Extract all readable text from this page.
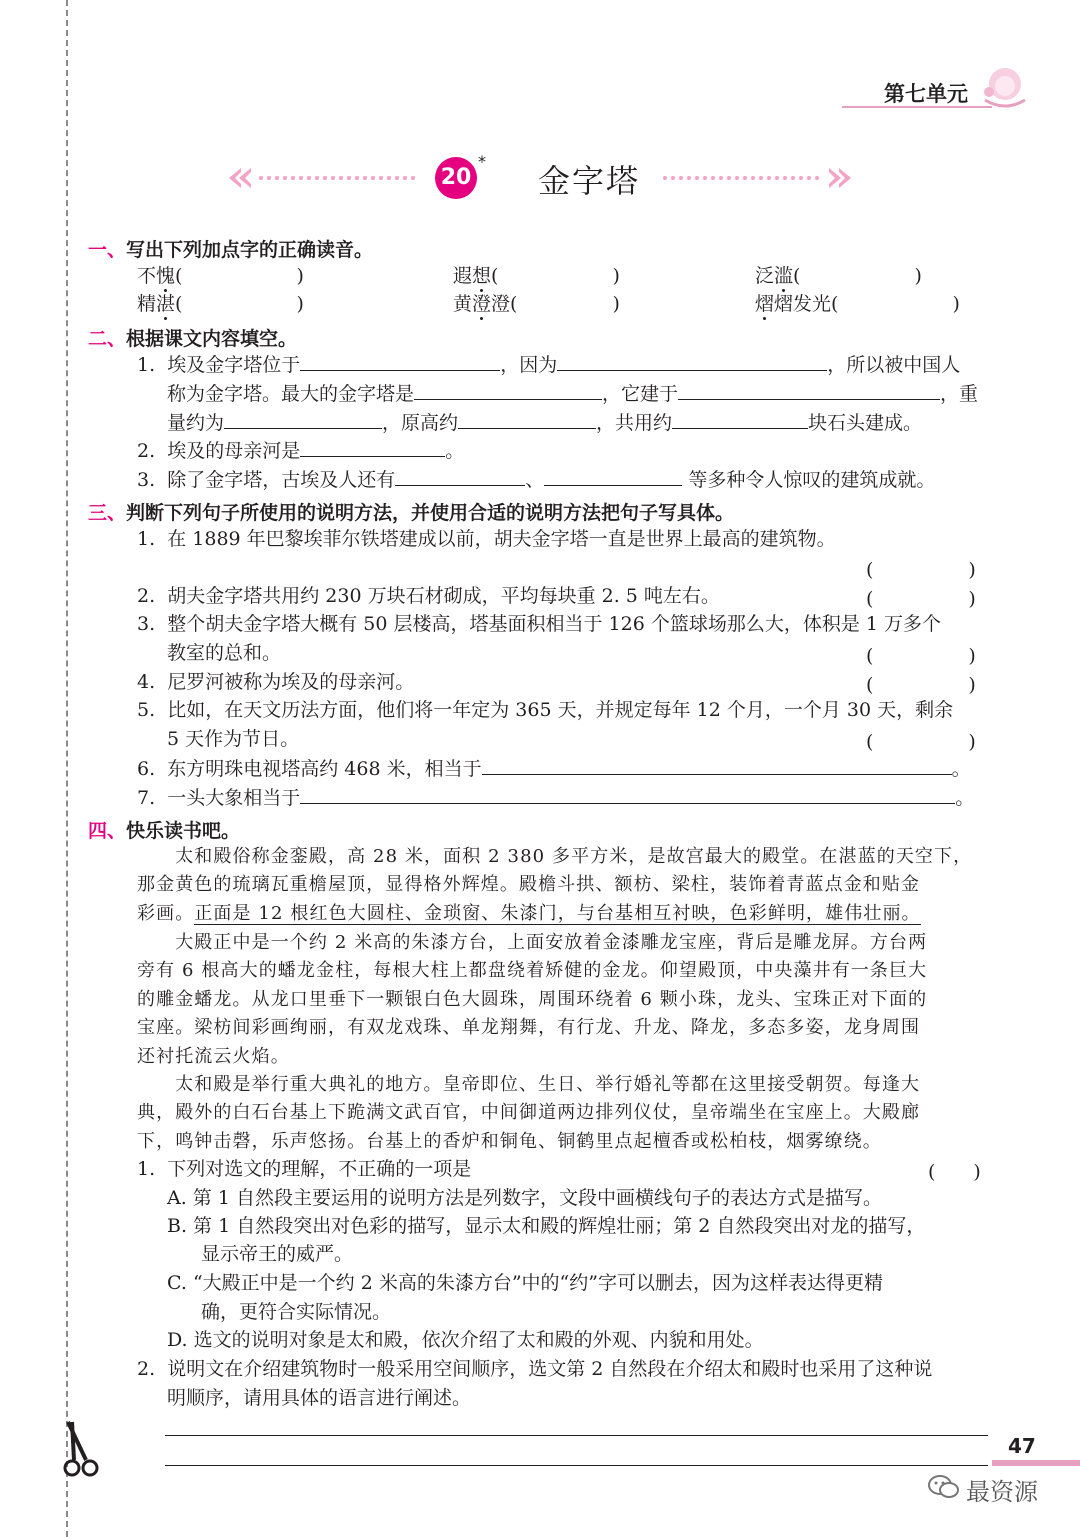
第七单元
20
*
金字塔
一、写出下列加点字的正确读音。
不愧(　　　　　　)	遐想(　　　　　　)	泛滥(　　　　　　)
精湛(　　　　　　)	黄澄澄(　　　　　)	熠熠发光(　　　　　　)
二、根据课文内容填空。
1. 埃及金字塔位于	，因为	，所以被中国人
称为金字塔。最大的金字塔是	，它建于	，重
量约为	，原高约	，共用约	块石头建成。
2. 埃及的母亲河是	。
3. 除了金字塔，古埃及人还有	、	等多种令人惊叹的建筑成就。
三、判断下列句子所使用的说明方法，并使用合适的说明方法把句子写具体。
1. 在 1889 年巴黎埃菲尔铁塔建成以前，胡夫金字塔一直是世界上最高的建筑物。
(　　　　　)
2. 胡夫金字塔共用约 230 万块石材砌成，平均每块重 2. 5 吨左右。	(　　　　　)
3. 整个胡夫金字塔大概有 50 层楼高，塔基面积相当于 126 个篮球场那么大，体积是 1 万多个
教室的总和。	(　　　　　)
4. 尼罗河被称为埃及的母亲河。	(　　　　　)
5. 比如，在天文历法方面，他们将一年定为 365 天，并规定每年 12 个月，一个月 30 天，剩余
5 天作为节日。	(　　　　　)
6. 东方明珠电视塔高约 468 米，相当于	。
7. 一头大象相当于	。
四、快乐读书吧。
　　太和殿俗称金銮殿，高 28 米，面积 2 380 多平方米，是故宫最大的殿堂。在湛蓝的天空下，
那金黄色的琉璃瓦重檐屋顶，显得格外辉煌。殿檐斗拱、额枋、梁柱，装饰着青蓝点金和贴金
彩画。正面是 12 根红色大圆柱、金琐窗、朱漆门，与台基相互衬映，色彩鲜明，雄伟壮丽。
　　大殿正中是一个约 2 米高的朱漆方台，上面安放着金漆雕龙宝座，背后是雕龙屏。方台两
旁有 6 根高大的蟠龙金柱，每根大柱上都盘绕着矫健的金龙。仰望殿顶，中央藻井有一条巨大
的雕金蟠龙。从龙口里垂下一颗银白色大圆珠，周围环绕着 6 颗小珠，龙头、宝珠正对下面的
宝座。梁枋间彩画绚丽，有双龙戏珠、单龙翔舞，有行龙、升龙、降龙，多态多姿，龙身周围
还衬托流云火焰。
　　太和殿是举行重大典礼的地方。皇帝即位、生日、举行婚礼等都在这里接受朝贺。每逢大
典，殿外的白石台基上下跪满文武百官，中间御道两边排列仪仗，皇帝端坐在宝座上。大殿廊
下，鸣钟击磬，乐声悠扬。台基上的香炉和铜龟、铜鹤里点起檀香或松柏枝，烟雾缭绕。
1. 下列对选文的理解，不正确的一项是	(　　)
A. 第 1 自然段主要运用的说明方法是列数字，文段中画横线句子的表达方式是描写。
B. 第 1 自然段突出对色彩的描写，显示太和殿的辉煌壮丽；第 2 自然段突出对龙的描写，
显示帝王的威严。
C. “大殿正中是一个约 2 米高的朱漆方台”中的“约”字可以删去，因为这样表达得更精
确，更符合实际情况。
D. 选文的说明对象是太和殿，依次介绍了太和殿的外观、内貌和用处。
2. 说明文在介绍建筑物时一般采用空间顺序，选文第 2 自然段在介绍太和殿时也采用了这种说
明顺序，请用具体的语言进行阐述。
47
最资源
